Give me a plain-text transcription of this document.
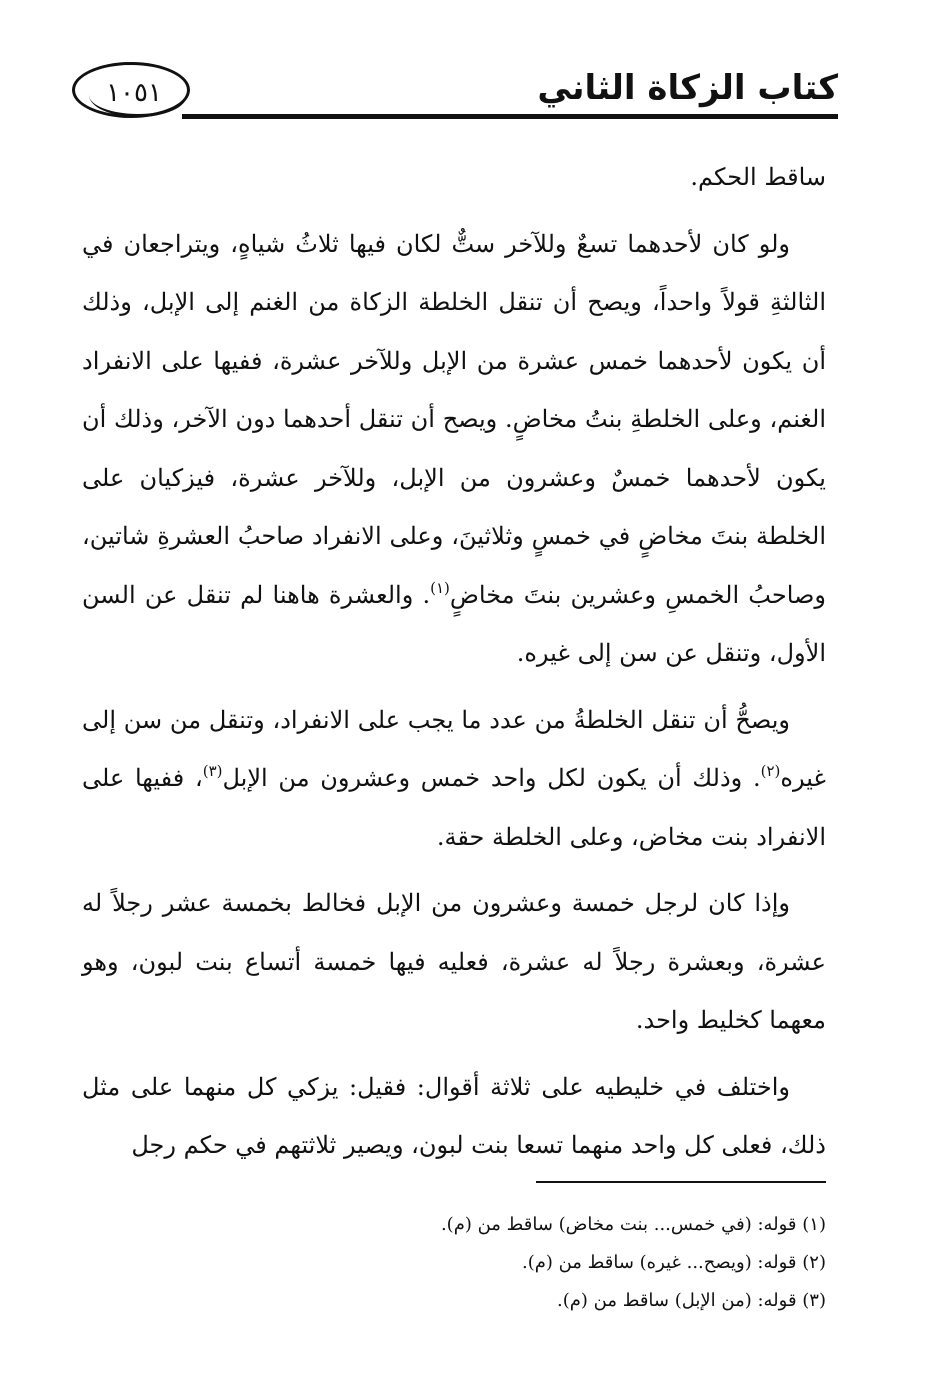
كتاب الزكاة الثاني
١٠٥١

ساقط الحكم.

ولو كان لأحدهما تسعٌ وللآخر ستٌّ لكان فيها ثلاثُ شياهٍ، ويتراجعان في الثالثةِ قولاً واحداً، ويصح أن تنقل الخلطة الزكاة من الغنم إلى الإبل، وذلك أن يكون لأحدهما خمس عشرة من الإبل وللآخر عشرة، ففيها على الانفراد الغنم، وعلى الخلطةِ بنتُ مخاضٍ. ويصح أن تنقل أحدهما دون الآخر، وذلك أن يكون لأحدهما خمسٌ وعشرون من الإبل، وللآخر عشرة، فيزكيان على الخلطة بنتَ مخاضٍ في خمسٍ وثلاثينَ، وعلى الانفراد صاحبُ العشرةِ شاتين، وصاحبُ الخمسِ وعشرين بنتَ مخاضٍ$^{(١)}$. والعشرة هاهنا لم تنقل عن السن الأول، وتنقل عن سن إلى غيره.

ويصحُّ أن تنقل الخلطةُ من عدد ما يجب على الانفراد، وتنقل من سن إلى غيره$^{(٢)}$. وذلك أن يكون لكل واحد خمس وعشرون من الإبل$^{(٣)}$، ففيها على الانفراد بنت مخاض، وعلى الخلطة حقة.

وإذا كان لرجل خمسة وعشرون من الإبل فخالط بخمسة عشر رجلاً له عشرة، وبعشرة رجلاً له عشرة، فعليه فيها خمسة أتساع بنت لبون، وهو معهما كخليط واحد.

واختلف في خليطيه على ثلاثة أقوال: فقيل: يزكي كل منهما على مثل ذلك، فعلى كل واحد منهما تسعا بنت لبون، ويصير ثلاثتهم في حكم رجل

(١) قوله: (في خمس... بنت مخاض) ساقط من (م).
(٢) قوله: (ويصح... غيره) ساقط من (م).
(٣) قوله: (من الإبل) ساقط من (م).
